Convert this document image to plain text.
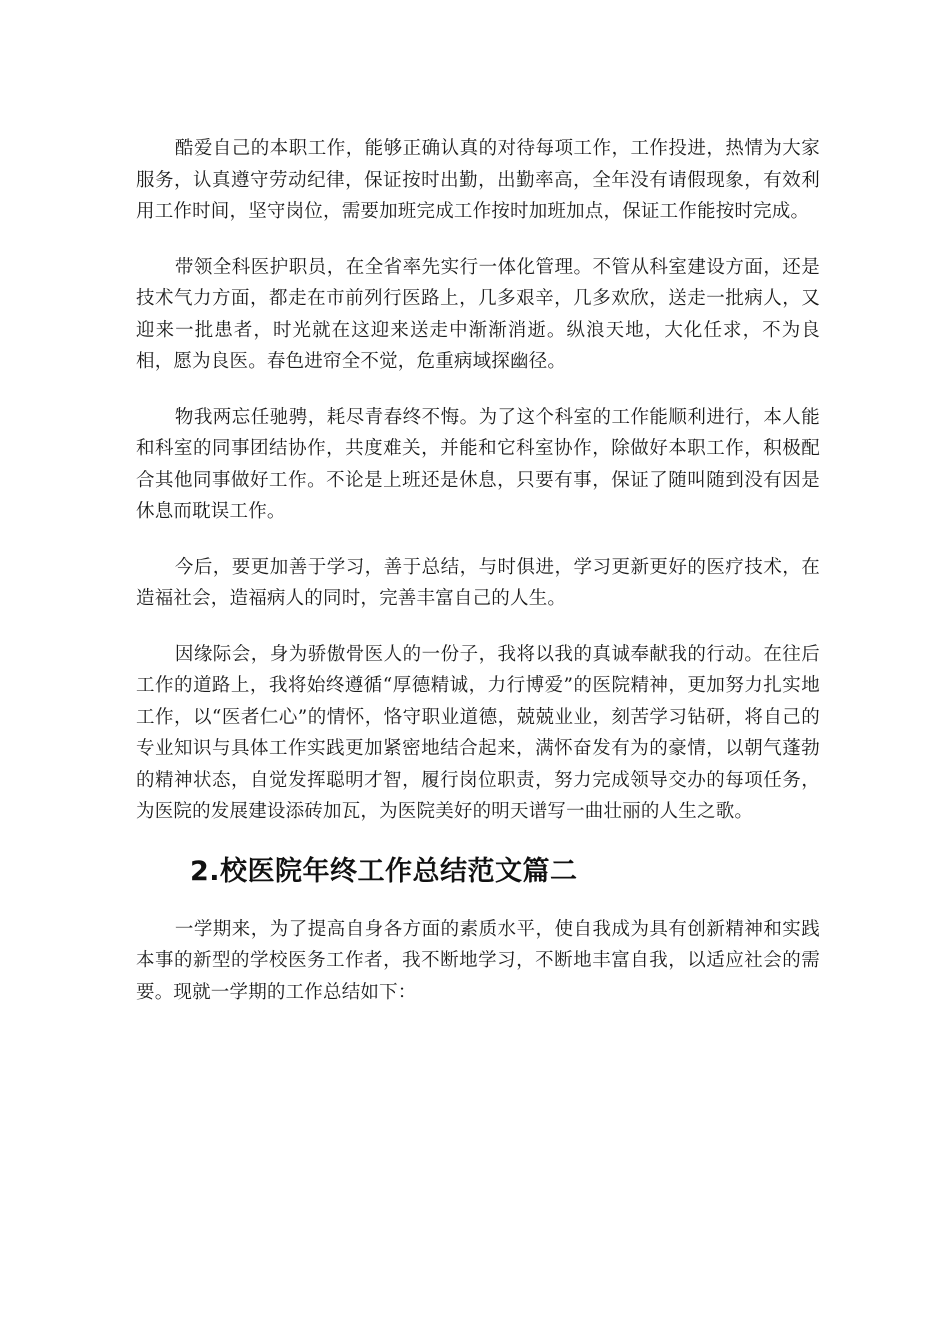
酷爱自己的本职工作，能够正确认真的对待每项工作，工作投进，热情为大家服务，认真遵守劳动纪律，保证按时出勤，出勤率高，全年没有请假现象，有效利用工作时间，坚守岗位，需要加班完成工作按时加班加点，保证工作能按时完成。

带领全科医护职员，在全省率先实行一体化管理。不管从科室建设方面，还是技术气力方面，都走在市前列行医路上，几多艰辛，几多欢欣，送走一批病人，又迎来一批患者，时光就在这迎来送走中渐渐消逝。纵浪天地，大化任求，不为良相，愿为良医。春色进帘全不觉，危重病域探幽径。

物我两忘任驰骋，耗尽青春终不悔。为了这个科室的工作能顺利进行，本人能和科室的同事团结协作，共度难关，并能和它科室协作，除做好本职工作，积极配合其他同事做好工作。不论是上班还是休息，只要有事，保证了随叫随到没有因是休息而耽误工作。

今后，要更加善于学习，善于总结，与时俱进，学习更新更好的医疗技术，在造福社会，造福病人的同时，完善丰富自己的人生。

因缘际会，身为骄傲骨医人的一份子，我将以我的真诚奉献我的行动。在往后工作的道路上，我将始终遵循“厚德精诚，力行博爱”的医院精神，更加努力扎实地工作，以“医者仁心”的情怀，恪守职业道德，兢兢业业，刻苦学习钻研，将自己的专业知识与具体工作实践更加紧密地结合起来，满怀奋发有为的豪情，以朝气蓬勃的精神状态，自觉发挥聪明才智，履行岗位职责，努力完成领导交办的每项任务，为医院的发展建设添砖加瓦，为医院美好的明天谱写一曲壮丽的人生之歌。

2.校医院年终工作总结范文篇二

一学期来，为了提高自身各方面的素质水平，使自我成为具有创新精神和实践本事的新型的学校医务工作者，我不断地学习，不断地丰富自我，以适应社会的需要。现就一学期的工作总结如下：
